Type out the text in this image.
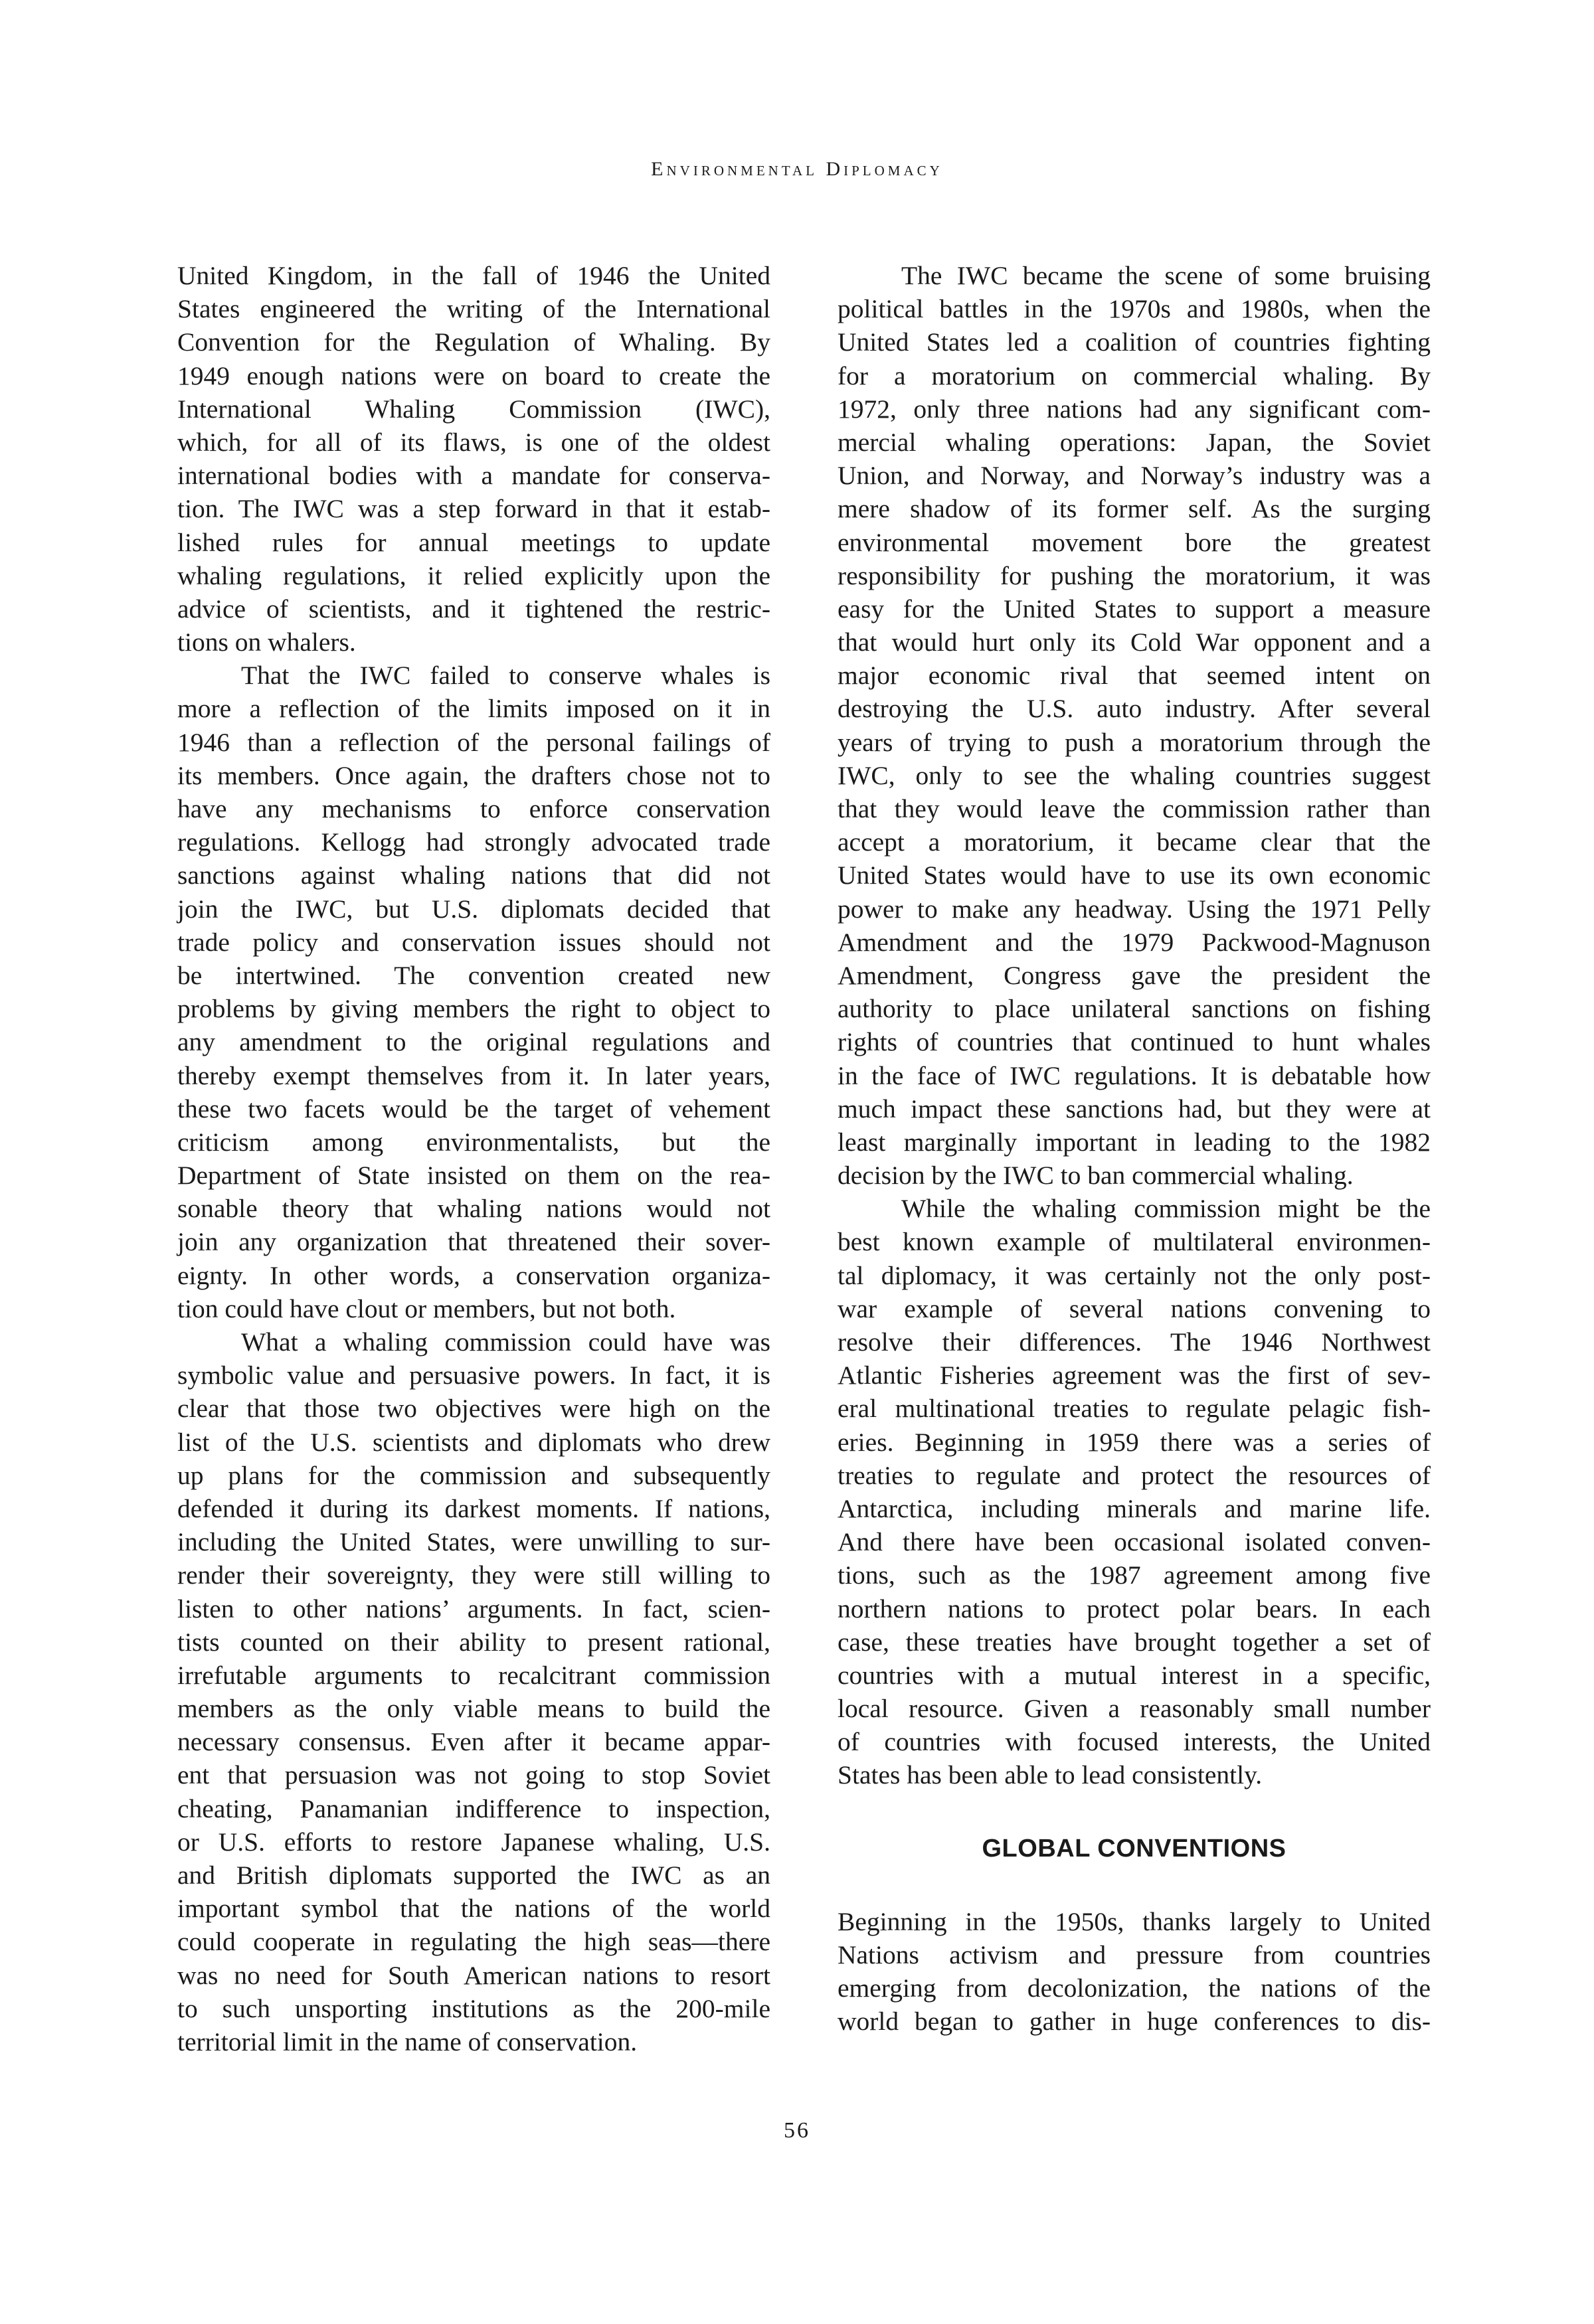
Environmental Diplomacy
United Kingdom, in the fall of 1946 the United
States engineered the writing of the International
Convention for the Regulation of Whaling. By
1949 enough nations were on board to create the
International Whaling Commission (IWC),
which, for all of its flaws, is one of the oldest
international bodies with a mandate for conserva-
tion. The IWC was a step forward in that it estab-
lished rules for annual meetings to update
whaling regulations, it relied explicitly upon the
advice of scientists, and it tightened the restric-
tions on whalers.
That the IWC failed to conserve whales is
more a reflection of the limits imposed on it in
1946 than a reflection of the personal failings of
its members. Once again, the drafters chose not to
have any mechanisms to enforce conservation
regulations. Kellogg had strongly advocated trade
sanctions against whaling nations that did not
join the IWC, but U.S. diplomats decided that
trade policy and conservation issues should not
be intertwined. The convention created new
problems by giving members the right to object to
any amendment to the original regulations and
thereby exempt themselves from it. In later years,
these two facets would be the target of vehement
criticism among environmentalists, but the
Department of State insisted on them on the rea-
sonable theory that whaling nations would not
join any organization that threatened their sover-
eignty. In other words, a conservation organiza-
tion could have clout or members, but not both.
What a whaling commission could have was
symbolic value and persuasive powers. In fact, it is
clear that those two objectives were high on the
list of the U.S. scientists and diplomats who drew
up plans for the commission and subsequently
defended it during its darkest moments. If nations,
including the United States, were unwilling to sur-
render their sovereignty, they were still willing to
listen to other nations’ arguments. In fact, scien-
tists counted on their ability to present rational,
irrefutable arguments to recalcitrant commission
members as the only viable means to build the
necessary consensus. Even after it became appar-
ent that persuasion was not going to stop Soviet
cheating, Panamanian indifference to inspection,
or U.S. efforts to restore Japanese whaling, U.S.
and British diplomats supported the IWC as an
important symbol that the nations of the world
could cooperate in regulating the high seas—there
was no need for South American nations to resort
to such unsporting institutions as the 200-mile
territorial limit in the name of conservation.
The IWC became the scene of some bruising
political battles in the 1970s and 1980s, when the
United States led a coalition of countries fighting
for a moratorium on commercial whaling. By
1972, only three nations had any significant com-
mercial whaling operations: Japan, the Soviet
Union, and Norway, and Norway’s industry was a
mere shadow of its former self. As the surging
environmental movement bore the greatest
responsibility for pushing the moratorium, it was
easy for the United States to support a measure
that would hurt only its Cold War opponent and a
major economic rival that seemed intent on
destroying the U.S. auto industry. After several
years of trying to push a moratorium through the
IWC, only to see the whaling countries suggest
that they would leave the commission rather than
accept a moratorium, it became clear that the
United States would have to use its own economic
power to make any headway. Using the 1971 Pelly
Amendment and the 1979 Packwood-Magnuson
Amendment, Congress gave the president the
authority to place unilateral sanctions on fishing
rights of countries that continued to hunt whales
in the face of IWC regulations. It is debatable how
much impact these sanctions had, but they were at
least marginally important in leading to the 1982
decision by the IWC to ban commercial whaling.
While the whaling commission might be the
best known example of multilateral environmen-
tal diplomacy, it was certainly not the only post-
war example of several nations convening to
resolve their differences. The 1946 Northwest
Atlantic Fisheries agreement was the first of sev-
eral multinational treaties to regulate pelagic fish-
eries. Beginning in 1959 there was a series of
treaties to regulate and protect the resources of
Antarctica, including minerals and marine life.
And there have been occasional isolated conven-
tions, such as the 1987 agreement among five
northern nations to protect polar bears. In each
case, these treaties have brought together a set of
countries with a mutual interest in a specific,
local resource. Given a reasonably small number
of countries with focused interests, the United
States has been able to lead consistently.
GLOBAL CONVENTIONS
Beginning in the 1950s, thanks largely to United
Nations activism and pressure from countries
emerging from decolonization, the nations of the
world began to gather in huge conferences to dis-
56
